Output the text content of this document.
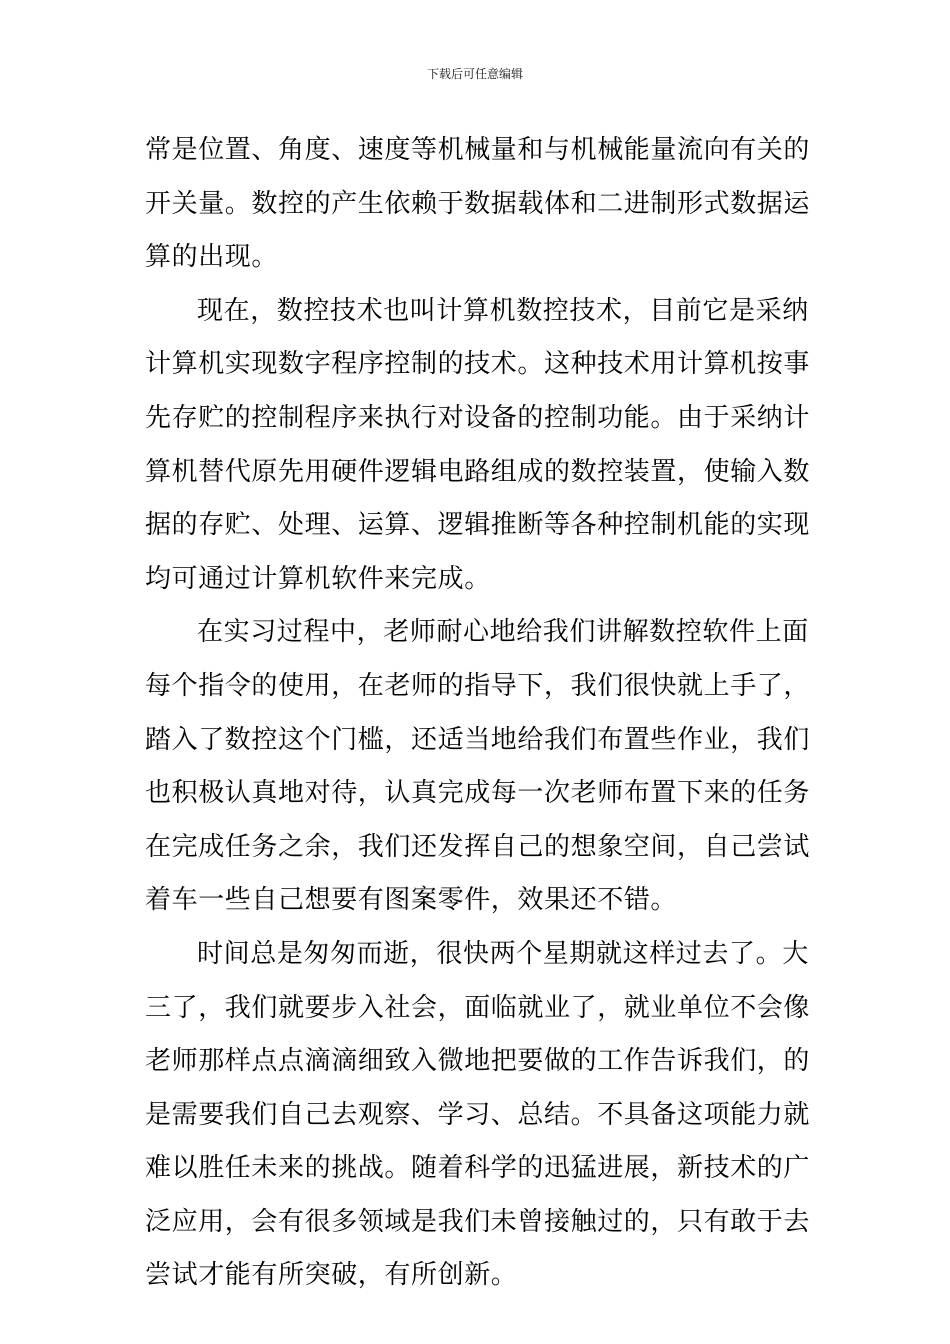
下载后可任意编辑
常是位置、角度、速度等机械量和与机械能量流向有关的
开关量。数控的产生依赖于数据载体和二进制形式数据运
算的出现。
现在，数控技术也叫计算机数控技术，目前它是采纳
计算机实现数字程序控制的技术。这种技术用计算机按事
先存贮的控制程序来执行对设备的控制功能。由于采纳计
算机替代原先用硬件逻辑电路组成的数控装置，使输入数
据的存贮、处理、运算、逻辑推断等各种控制机能的实现
均可通过计算机软件来完成。
在实习过程中，老师耐心地给我们讲解数控软件上面
每个指令的使用，在老师的指导下，我们很快就上手了，
踏入了数控这个门槛，还适当地给我们布置些作业，我们
也积极认真地对待，认真完成每一次老师布置下来的任务
在完成任务之余，我们还发挥自己的想象空间，自己尝试
着车一些自己想要有图案零件，效果还不错。
时间总是匆匆而逝，很快两个星期就这样过去了。大
三了，我们就要步入社会，面临就业了，就业单位不会像
老师那样点点滴滴细致入微地把要做的工作告诉我们，的
是需要我们自己去观察、学习、总结。不具备这项能力就
难以胜任未来的挑战。随着科学的迅猛进展，新技术的广
泛应用，会有很多领域是我们未曾接触过的，只有敢于去
尝试才能有所突破，有所创新。
